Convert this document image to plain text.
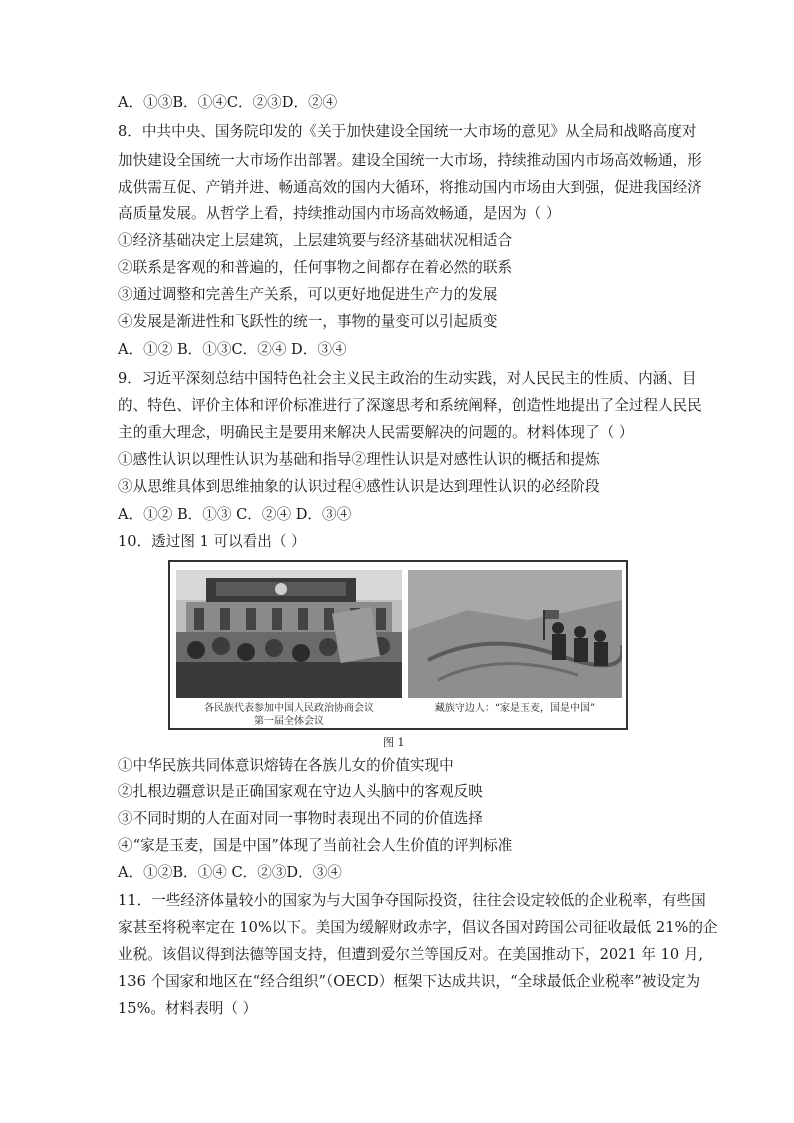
A．①③B．①④C．②③D．②④
8．中共中央、国务院印发的《关于加快建设全国统一大市场的意见》从全局和战略高度对
加快建设全国统一大市场作出部署。建设全国统一大市场，持续推动国内市场高效畅通，形
成供需互促、产销并进、畅通高效的国内大循环，将推动国内市场由大到强，促进我国经济
高质量发展。从哲学上看，持续推动国内市场高效畅通，是因为（ ）
①经济基础决定上层建筑，上层建筑要与经济基础状况相适合
②联系是客观的和普遍的，任何事物之间都存在着必然的联系
③通过调整和完善生产关系，可以更好地促进生产力的发展
④发展是渐进性和飞跃性的统一，事物的量变可以引起质变
A．①② B．①③C．②④ D．③④
9．习近平深刻总结中国特色社会主义民主政治的生动实践，对人民民主的性质、内涵、目
的、特色、评价主体和评价标准进行了深邃思考和系统阐释，创造性地提出了全过程人民民
主的重大理念，明确民主是要用来解决人民需要解决的问题的。材料体现了（ ）
①感性认识以理性认识为基础和指导②理性认识是对感性认识的概括和提炼
③从思维具体到思维抽象的认识过程④感性认识是达到理性认识的必经阶段
A．①② B．①③ C．②④ D．③④
10．透过图 1 可以看出（ ）
各民族代表参加中国人民政治协商会议
第一届全体会议
藏族守边人：“家是玉麦，国是中国”
图 1
①中华民族共同体意识熔铸在各族儿女的价值实现中
②扎根边疆意识是正确国家观在守边人头脑中的客观反映
③不同时期的人在面对同一事物时表现出不同的价值选择
④“家是玉麦，国是中国”体现了当前社会人生价值的评判标准
A．①②B．①④ C．②③D．③④
11．一些经济体量较小的国家为与大国争夺国际投资，往往会设定较低的企业税率，有些国
家甚至将税率定在 10%以下。美国为缓解财政赤字，倡议各国对跨国公司征收最低 21%的企
业税。该倡议得到法德等国支持，但遭到爱尔兰等国反对。在美国推动下，2021 年 10 月,
136 个国家和地区在“经合组织”（OECD）框架下达成共识，“全球最低企业税率”被设定为
15%。材料表明（ ）
